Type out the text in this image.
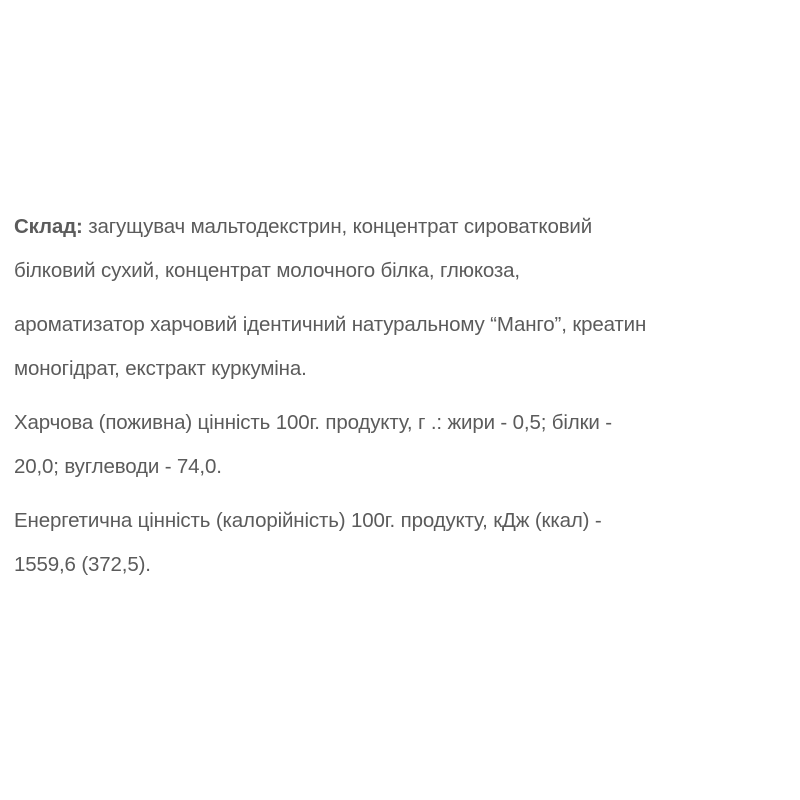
Склад: загущувач мальтодекстрин, концентрат сироватковий
білковий сухий, концентрат молочного білка, глюкоза,

ароматизатор харчовий ідентичний натуральному “Манго”, креатин
моногідрат, екстракт куркуміна.

Харчова (поживна) цінність 100г. продукту, г .: жири - 0,5; білки -
20,0; вуглеводи - 74,0.

Енергетична цінність (калорійність) 100г. продукту, кДж (ккал) -
1559,6 (372,5).
